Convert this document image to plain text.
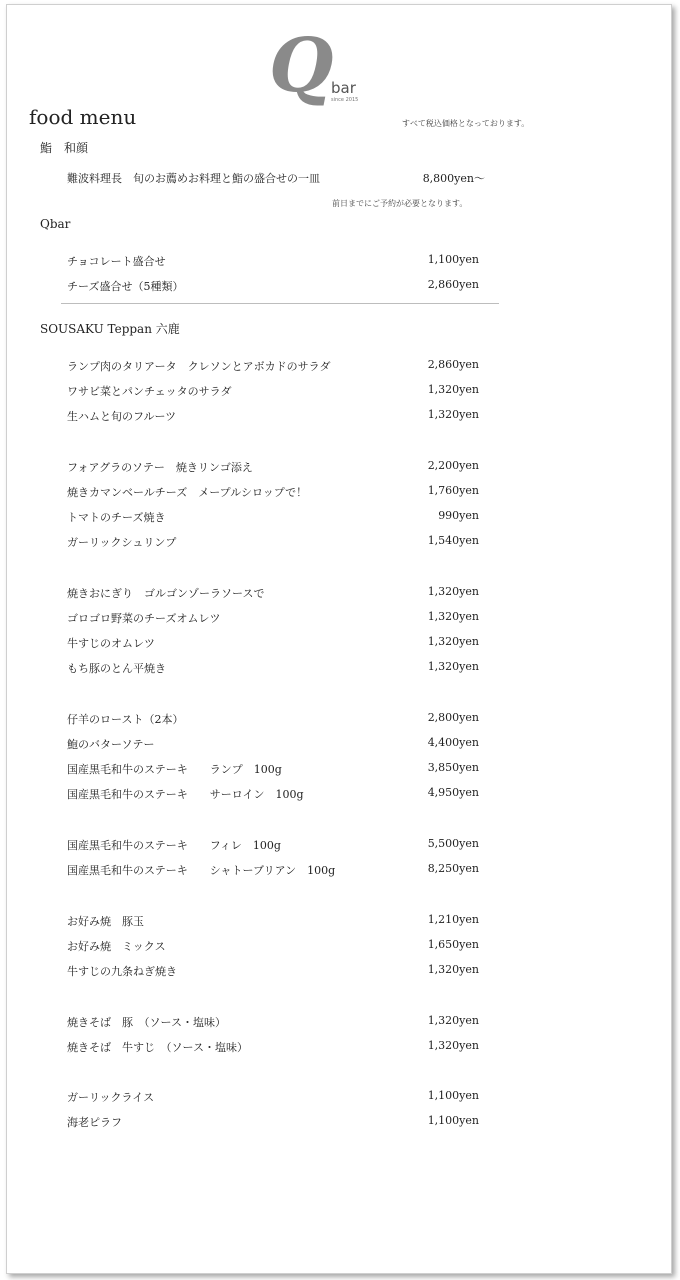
Q bar
since 2015
food menu	すべて税込価格となっております。
鮨　和顔
難波料理長　旬のお薦めお料理と鮨の盛合せの一皿	8,800yen〜
前日までにご予約が必要となります。
Qbar
チョコレート盛合せ	1,100yen
チーズ盛合せ（5種類）	2,860yen
SOUSAKU Teppan 六鹿
ランプ肉のタリアータ　クレソンとアボカドのサラダ	2,860yen
ワサビ菜とパンチェッタのサラダ	1,320yen
生ハムと旬のフルーツ	1,320yen
フォアグラのソテー　焼きリンゴ添え	2,200yen
焼きカマンベールチーズ　メープルシロップで！	1,760yen
トマトのチーズ焼き	990yen
ガーリックシュリンプ	1,540yen
焼きおにぎり　ゴルゴンゾーラソースで	1,320yen
ゴロゴロ野菜のチーズオムレツ	1,320yen
牛すじのオムレツ	1,320yen
もち豚のとん平焼き	1,320yen
仔羊のロースト（2本）	2,800yen
鮑のバターソテー	4,400yen
国産黒毛和牛のステーキ　　ランプ　100g	3,850yen
国産黒毛和牛のステーキ　　サーロイン　100g	4,950yen
国産黒毛和牛のステーキ　　フィレ　100g	5,500yen
国産黒毛和牛のステーキ　　シャトーブリアン　100g	8,250yen
お好み焼　豚玉	1,210yen
お好み焼　ミックス	1,650yen
牛すじの九条ねぎ焼き	1,320yen
焼きそば　豚　（ソース・塩味）	1,320yen
焼きそば　牛すじ　（ソース・塩味）	1,320yen
ガーリックライス	1,100yen
海老ピラフ	1,100yen
